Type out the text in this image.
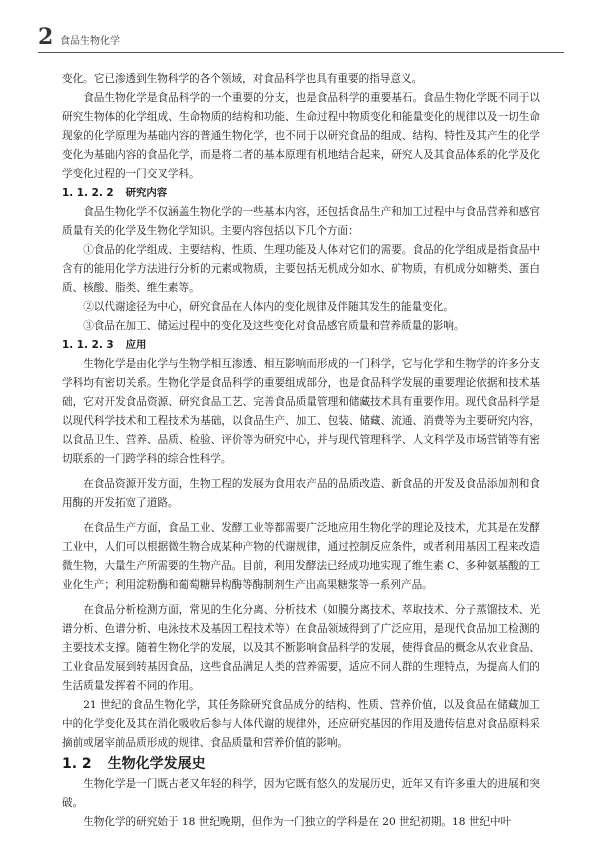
2 食品生物化学

变化。它已渗透到生物科学的各个领域，对食品科学也具有重要的指导意义。

食品生物化学是食品科学的一个重要的分支，也是食品科学的重要基石。食品生物化学既不同于以研究生物体的化学组成、生命物质的结构和功能、生命过程中物质变化和能量变化的规律以及一切生命现象的化学原理为基础内容的普通生物化学，也不同于以研究食品的组成、结构、特性及其产生的化学变化为基础内容的食品化学，而是将二者的基本原理有机地结合起来，研究人及其食品体系的化学及化学变化过程的一门交叉学科。

1. 1. 2. 2 研究内容

食品生物化学不仅涵盖生物化学的一些基本内容，还包括食品生产和加工过程中与食品营养和感官质量有关的化学及生物化学知识。主要内容包括以下几个方面：

①食品的化学组成、主要结构、性质、生理功能及人体对它们的需要。食品的化学组成是指食品中含有的能用化学方法进行分析的元素或物质，主要包括无机成分如水、矿物质，有机成分如糖类、蛋白质、核酸、脂类、维生素等。

②以代谢途径为中心，研究食品在人体内的变化规律及伴随其发生的能量变化。

③食品在加工、储运过程中的变化及这些变化对食品感官质量和营养质量的影响。

1. 1. 2. 3 应用

生物化学是由化学与生物学相互渗透、相互影响而形成的一门科学，它与化学和生物学的许多分支学科均有密切关系。生物化学是食品科学的重要组成部分，也是食品科学发展的重要理论依据和技术基础，它对开发食品资源、研究食品工艺、完善食品质量管理和储藏技术具有重要作用。现代食品科学是以现代科学技术和工程技术为基础，以食品生产、加工、包装、储藏、流通、消费等为主要研究内容，以食品卫生、营养、品质、检验、评价等为研究中心，并与现代管理科学、人文科学及市场营销等有密切联系的一门跨学科的综合性科学。

在食品资源开发方面，生物工程的发展为食用农产品的品质改造、新食品的开发及食品添加剂和食用酶的开发拓宽了道路。

在食品生产方面，食品工业、发酵工业等都需要广泛地应用生物化学的理论及技术，尤其是在发酵工业中，人们可以根据微生物合成某种产物的代谢规律，通过控制反应条件，或者利用基因工程来改造微生物，大量生产所需要的生物产品。目前，利用发酵法已经成功地实现了维生素 C、多种氨基酸的工业化生产；利用淀粉酶和葡萄糖异构酶等酶制剂生产出高果糖浆等一系列产品。

在食品分析检测方面，常见的生化分离、分析技术（如膜分离技术、萃取技术、分子蒸馏技术、光谱分析、色谱分析、电泳技术及基因工程技术等）在食品领域得到了广泛应用，是现代食品加工检测的主要技术支撑。随着生物化学的发展，以及其不断影响食品科学的发展，使得食品的概念从农业食品、工业食品发展到转基因食品，这些食品满足人类的营养需要，适应不同人群的生理特点，为提高人们的生活质量发挥着不同的作用。

21 世纪的食品生物化学，其任务除研究食品成分的结构、性质、营养价值，以及食品在储藏加工中的化学变化及其在消化吸收后参与人体代谢的规律外，还应研究基因的作用及遗传信息对食品原料采摘前或屠宰前品质形成的规律、食品质量和营养价值的影响。

1. 2 生物化学发展史

生物化学是一门既古老又年轻的科学，因为它既有悠久的发展历史，近年又有许多重大的进展和突破。

生物化学的研究始于 18 世纪晚期，但作为一门独立的学科是在 20 世纪初期。18 世纪中叶
